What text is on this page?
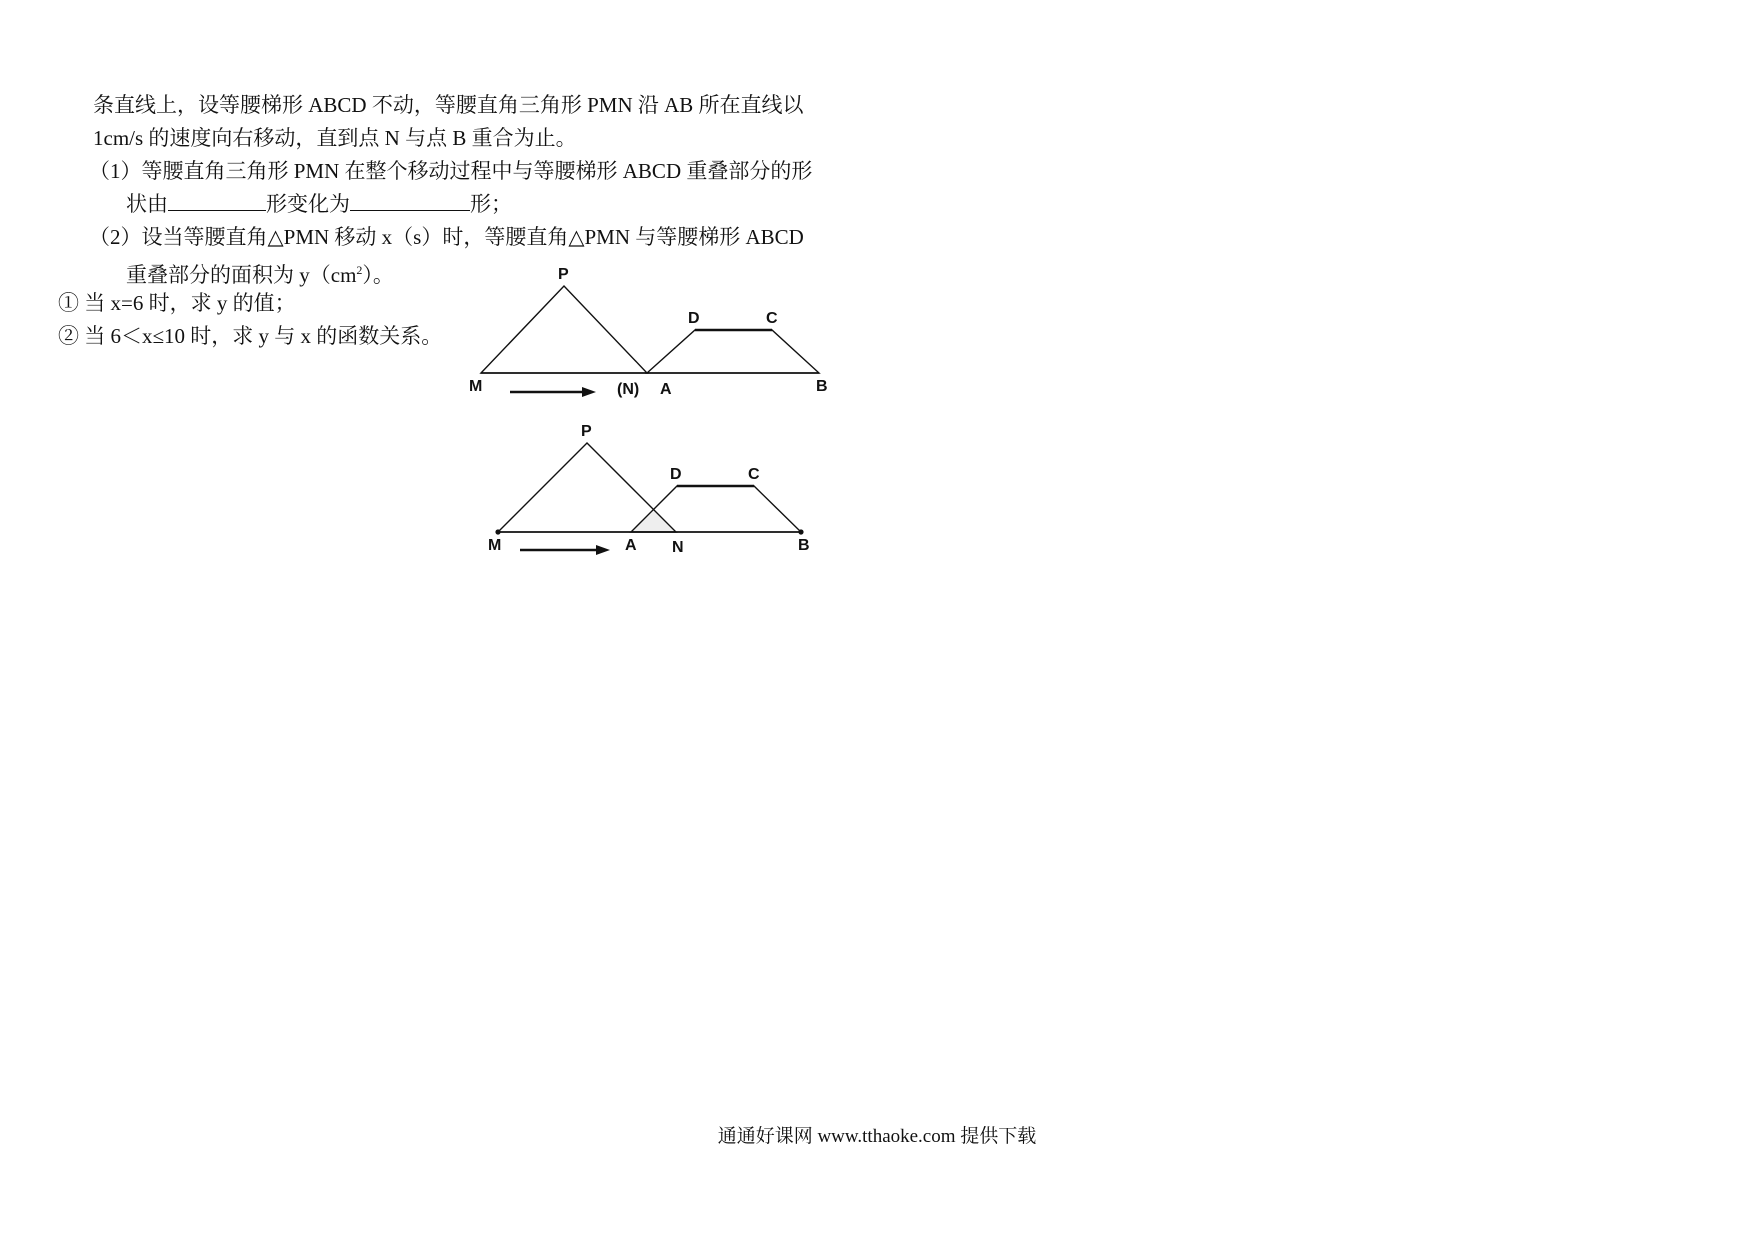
条直线上，设等腰梯形 ABCD 不动，等腰直角三角形 PMN 沿 AB 所在直线以
1cm/s 的速度向右移动，直到点 N 与点 B 重合为止。
（1）等腰直角三角形 PMN 在整个移动过程中与等腰梯形 ABCD 重叠部分的形
状由	形变化为	形；
（2）设当等腰直角△PMN 移动 x（s）时，等腰直角△PMN 与等腰梯形 ABCD
重叠部分的面积为 $y(cm^2)$。
① 当 x=6 时，求 y 的值；
② 当 6＜x≤10 时，求 y 与 x 的函数关系。
P
D	C
M	(N) A	B
P
D	C
M	A N	B
通通好课网 www.tthaoke.com 提供下载
